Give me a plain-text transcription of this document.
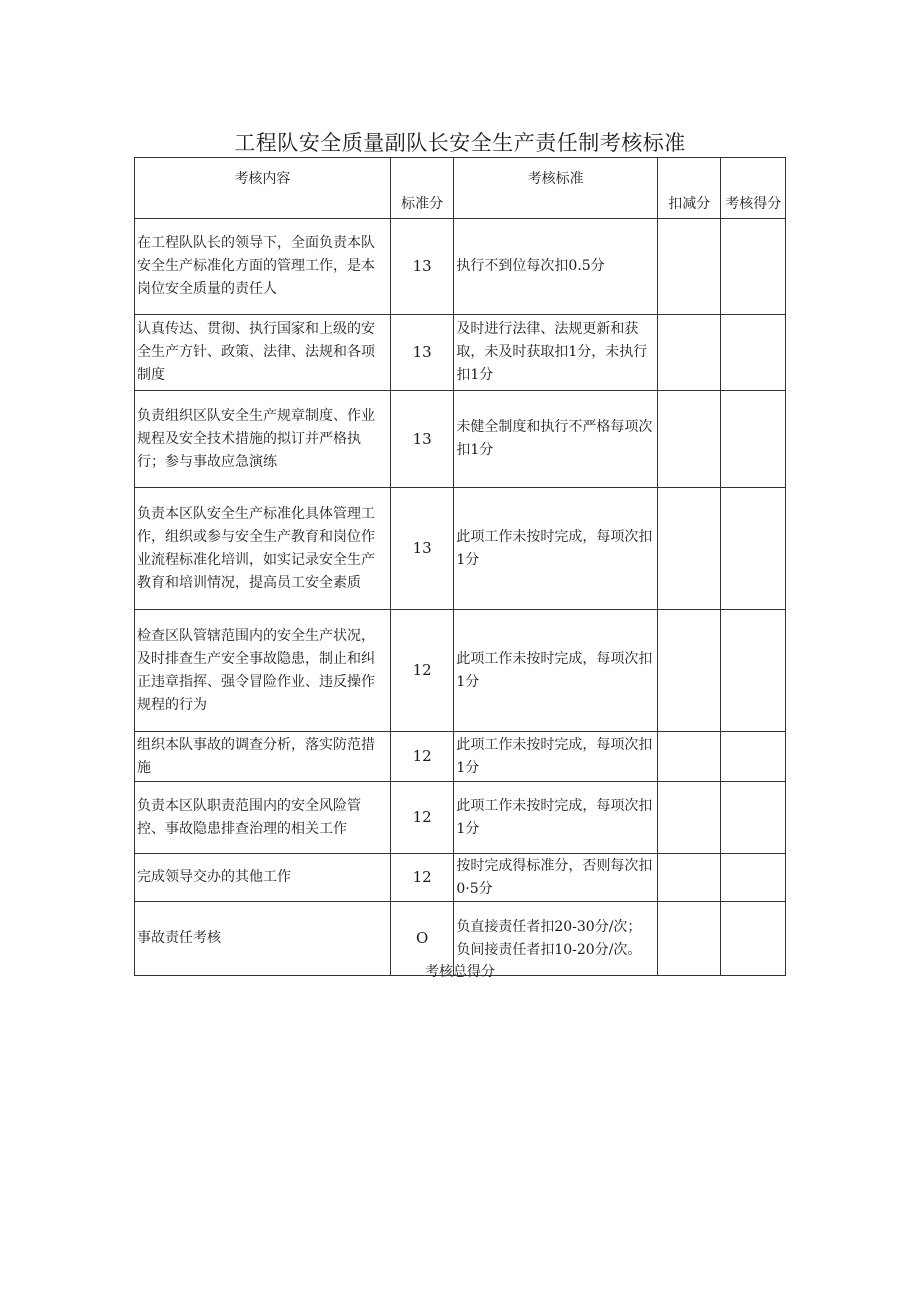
工程队安全质量副队长安全生产责任制考核标准
考核内容	标准分	考核标准	扣减分	考核得分
在工程队队长的领导下，全面负责本队安全生产标准化方面的管理工作，是本岗位安全质量的责任人	13	执行不到位每次扣0.5分		
认真传达、贯彻、执行国家和上级的安全生产方针、政策、法律、法规和各项制度	13	及时进行法律、法规更新和获取，未及时获取扣1分，未执行扣1分		
负责组织区队安全生产规章制度、作业规程及安全技术措施的拟订并严格执行；参与事故应急演练	13	未健全制度和执行不严格每项次扣1分		
负责本区队安全生产标准化具体管理工作，组织或参与安全生产教育和岗位作业流程标准化培训，如实记录安全生产教育和培训情况，提高员工安全素质	13	此项工作未按时完成，每项次扣1分		
检查区队管辖范围内的安全生产状况，及时排查生产安全事故隐患，制止和纠正违章指挥、强令冒险作业、违反操作规程的行为	12	此项工作未按时完成，每项次扣1分		
组织本队事故的调查分析，落实防范措施	12	此项工作未按时完成，每项次扣1分		
负责本区队职责范围内的安全风险管控、事故隐患排查治理的相关工作	12	此项工作未按时完成，每项次扣1分		
完成领导交办的其他工作	12	按时完成得标准分，否则每次扣0·5分		
事故责任考核	O	负直接责任者扣20-30分/次；负间接责任者扣10-20分/次。		
考核总得分
